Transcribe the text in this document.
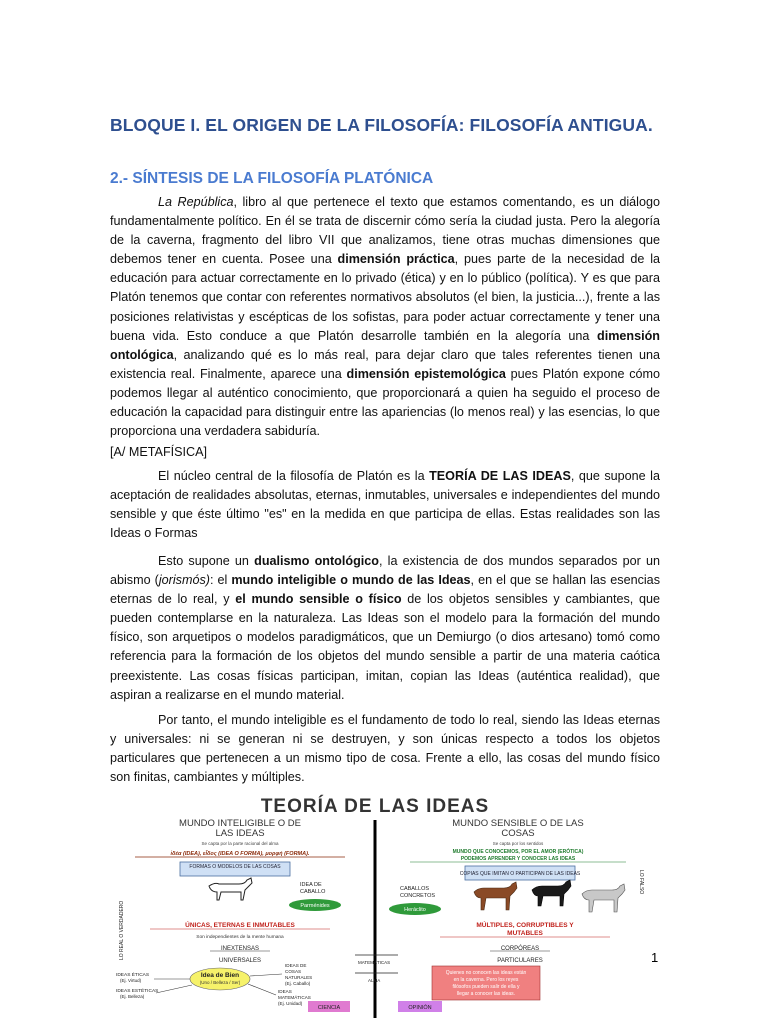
BLOQUE I. EL ORIGEN DE LA FILOSOFÍA: FILOSOFÍA ANTIGUA.
2.- SÍNTESIS DE LA FILOSOFÍA PLATÓNICA

La República, libro al que pertenece el texto que estamos comentando, es un diálogo fundamentalmente político. En él se trata de discernir cómo sería la ciudad justa. Pero la alegoría de la caverna, fragmento del libro VII que analizamos, tiene otras muchas dimensiones que debemos tener en cuenta. Posee una dimensión práctica, pues parte de la necesidad de la educación para actuar correctamente en lo privado (ética) y en lo público (política). Y es que para Platón tenemos que contar con referentes normativos absolutos (el bien, la justicia...), frente a las posiciones relativistas y escépticas de los sofistas, para poder actuar correctamente y tener una buena vida. Esto conduce a que Platón desarrolle también en la alegoría una dimensión ontológica, analizando qué es lo más real, para dejar claro que tales referentes tienen una existencia real. Finalmente, aparece una dimensión epistemológica pues Platón expone cómo podemos llegar al auténtico conocimiento, que proporcionará a quien ha seguido el proceso de educación la capacidad para distinguir entre las apariencias (lo menos real) y las esencias, lo que proporciona una verdadera sabiduría.

[A/ METAFÍSICA]

El núcleo central de la filosofía de Platón es la TEORÍA DE LAS IDEAS, que supone la aceptación de realidades absolutas, eternas, inmutables, universales e independientes del mundo sensible y que éste último "es" en la medida en que participa de ellas. Estas realidades son las Ideas o Formas

Esto supone un dualismo ontológico, la existencia de dos mundos separados por un abismo (jorismós): el mundo inteligible o mundo de las Ideas, en el que se hallan las esencias eternas de lo real, y el mundo sensible o físico de los objetos sensibles y cambiantes, que pueden contemplarse en la naturaleza. Las Ideas son el modelo para la formación del mundo físico, son arquetipos o modelos paradigmáticos, que un Demiurgo (o dios artesano) tomó como referencia para la formación de los objetos del mundo sensible a partir de una materia caótica preexistente. Las cosas físicas participan, imitan, copian las Ideas (auténtica realidad), que aspiran a realizarse en el mundo material.

Por tanto, el mundo inteligible es el fundamento de todo lo real, siendo las Ideas eternas y universales: ni se generan ni se destruyen, y son únicas respecto a todos los objetos particulares que pertenecen a un mismo tipo de cosa. Frente a ello, las cosas del mundo físico son finitas, cambiantes y múltiples.

TEORÍA DE LAS IDEAS
MUNDO INTELIGIBLE O DE
LAS IDEAS
Se capta por la parte racional del alma
ἰδέα (IDEA), εἶδος (IDEA O FORMA), μορφή (FORMA).
FORMAS O MODELOS DE LAS COSAS
IDEA DE
CABALLO
Parménides
ÚNICAS, ETERNAS E INMUTABLES
Son independientes de la mente humana
INEXTENSAS
UNIVERSALES
Idea de Bien
(Uno / Belleza / Ser)
IDEAS ÉTICAS
(Ej. Virtud)
IDEAS ESTÉTICAS
(Ej. Belleza)
IDEAS DE
COSAS
NATURALES
(Ej. Caballo)
IDEAS
MATEMÁTICAS
(Ej. Unidad)
CIENCIA
LO REAL O VERDADERO
MATEMÁTICAS
ALMA
MUNDO SENSIBLE O DE LAS
COSAS
Se capta por los sentidos
MUNDO QUE CONOCEMOS, POR EL AMOR (ERÓTICA)
PODEMOS APRENDER Y CONOCER LAS IDEAS
COPIAS QUE IMITAN O PARTICIPAN DE LAS IDEAS
CABALLOS
CONCRETOS
Heráclito
MÚLTIPLES, CORRUPTIBLES Y
MUTABLES
CORPÓREAS
PARTICULARES
Quienes no conocen las ideas están
en la caverna. Pero los reyes
filósofos pueden salir de ella y
llegar a conocer las ideas.
OPINIÓN
LO FALSO
1
